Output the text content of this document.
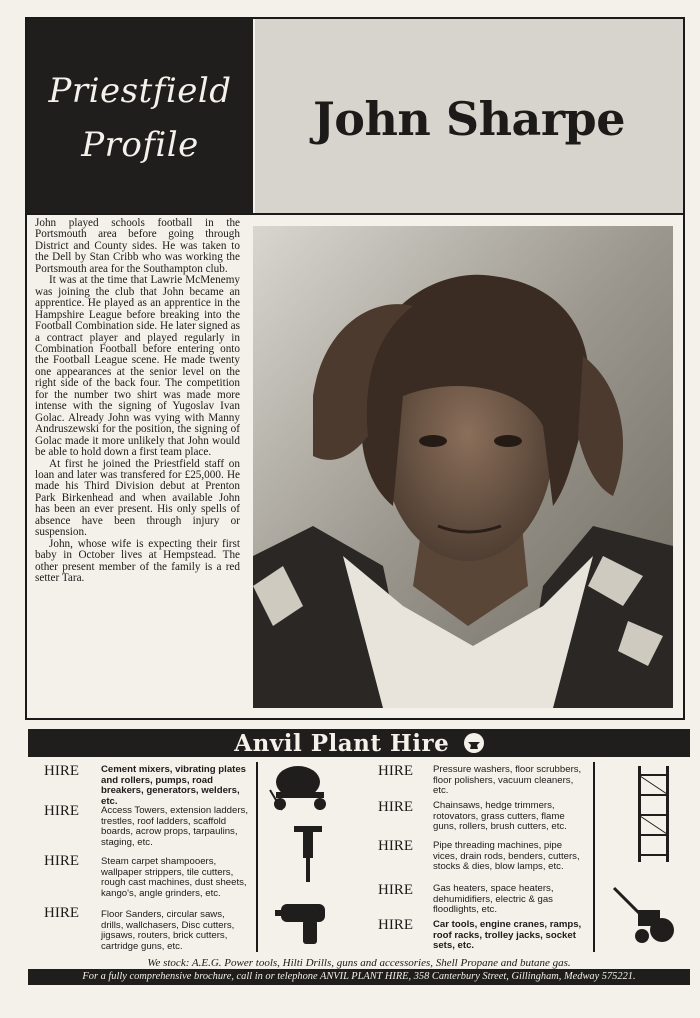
Priestfield
Profile	John Sharpe

John played schools football in the Portsmouth area before going through District and County sides. He was taken to the Dell by Stan Cribb who was working the Portsmouth area for the Southampton club.

It was at the time that Lawrie McMenemy was joining the club that John became an apprentice. He played as an apprentice in the Hampshire League before breaking into the Football Combination side. He later signed as a contract player and played regularly in Combination Football before entering onto the Football League scene. He made twenty one appearances at the senior level on the right side of the back four. The competition for the number two shirt was made more intense with the signing of Yugoslav Ivan Golac. Already John was vying with Manny Andruszewski for the position, the signing of Golac made it more unlikely that John would be able to hold down a first team place.

At first he joined the Priestfield staff on loan and later was transfered for £25,000. He made his Third Division debut at Prenton Park Birkenhead and when available John has been an ever present. His only spells of absence have been through injury or suspension.

John, whose wife is expecting their first baby in October lives at Hempstead. The other present member of the family is a red setter Tara.

Anvil Plant Hire
HIRE Cement mixers, vibrating plates and rollers, pumps, road breakers, generators, welders, etc.
HIRE Access Towers, extension ladders, trestles, roof ladders, scaffold boards, acrow props, tarpaulins, staging, etc.
HIRE Steam carpet shampooers, wallpaper strippers, tile cutters, rough cast machines, dust sheets, kango's, angle grinders, etc.
HIRE Floor Sanders, circular saws, drills, wallchasers, Disc cutters, jigsaws, routers, brick cutters, cartridge guns, etc.
HIRE Pressure washers, floor scrubbers, floor polishers, vacuum cleaners, etc.
HIRE Chainsaws, hedge trimmers, rotovators, grass cutters, flame guns, rollers, brush cutters, etc.
HIRE Pipe threading machines, pipe vices, drain rods, benders, cutters, stocks & dies, blow lamps, etc.
HIRE Gas heaters, space heaters, dehumidifiers, electric & gas floodlights, etc.
HIRE Car tools, engine cranes, ramps, roof racks, trolley jacks, socket sets, etc.
We stock: A.E.G. Power tools, Hilti Drills, guns and accessories, Shell Propane and butane gas.
For a fully comprehensive brochure, call in or telephone ANVIL PLANT HIRE, 358 Canterbury Street, Gillingham, Medway 575221.
